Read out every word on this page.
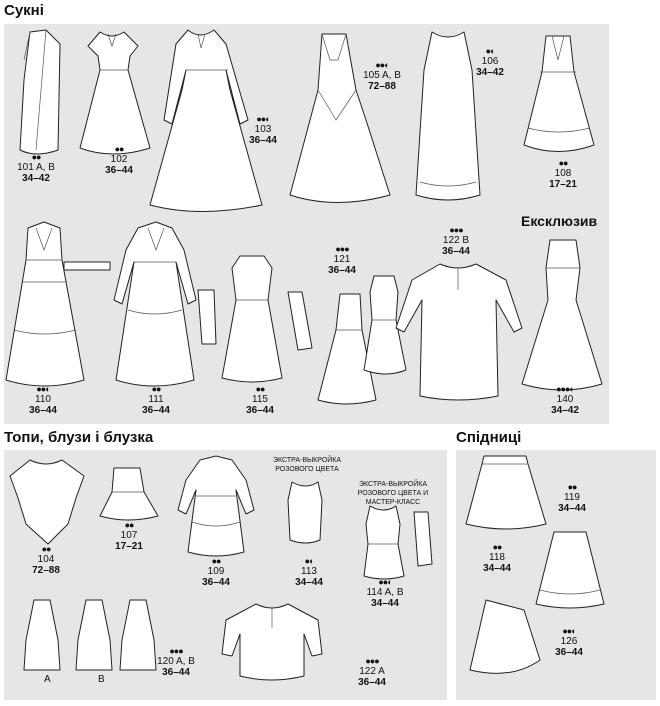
Сукні
Топи, блузи і блузка	Спідниці
ЭКСТРА-ВЫКРОЙКА РОЗОВОГО ЦВЕТА
ЭКСТРА-ВЫКРОЙКА РОЗОВОГО ЦВЕТА И МАСТЕР-КЛАСС
Ексклюзив
●●
101 A, B
34–42
●●
102
36–44
●●◐
103
36–44
●●◐
105 A, B
72–88
●◐
106
34–42
●●
108
17–21
●●◐
110
36–44
●●
111
36–44
●●
115
36–44
●●●
121
36–44
●●●
122 B
36–44
●●●◐
140
34–42
●●
104
72–88
●●
107
17–21
●●
109
36–44
●◐
113
34–44	●●◐
114 A, B
34–44
●●●
120 A, B
36–44
●●●
122 A
36–44
A	B
●●
119
34–44
●●
118
34–44
●●◐
126
36–44
